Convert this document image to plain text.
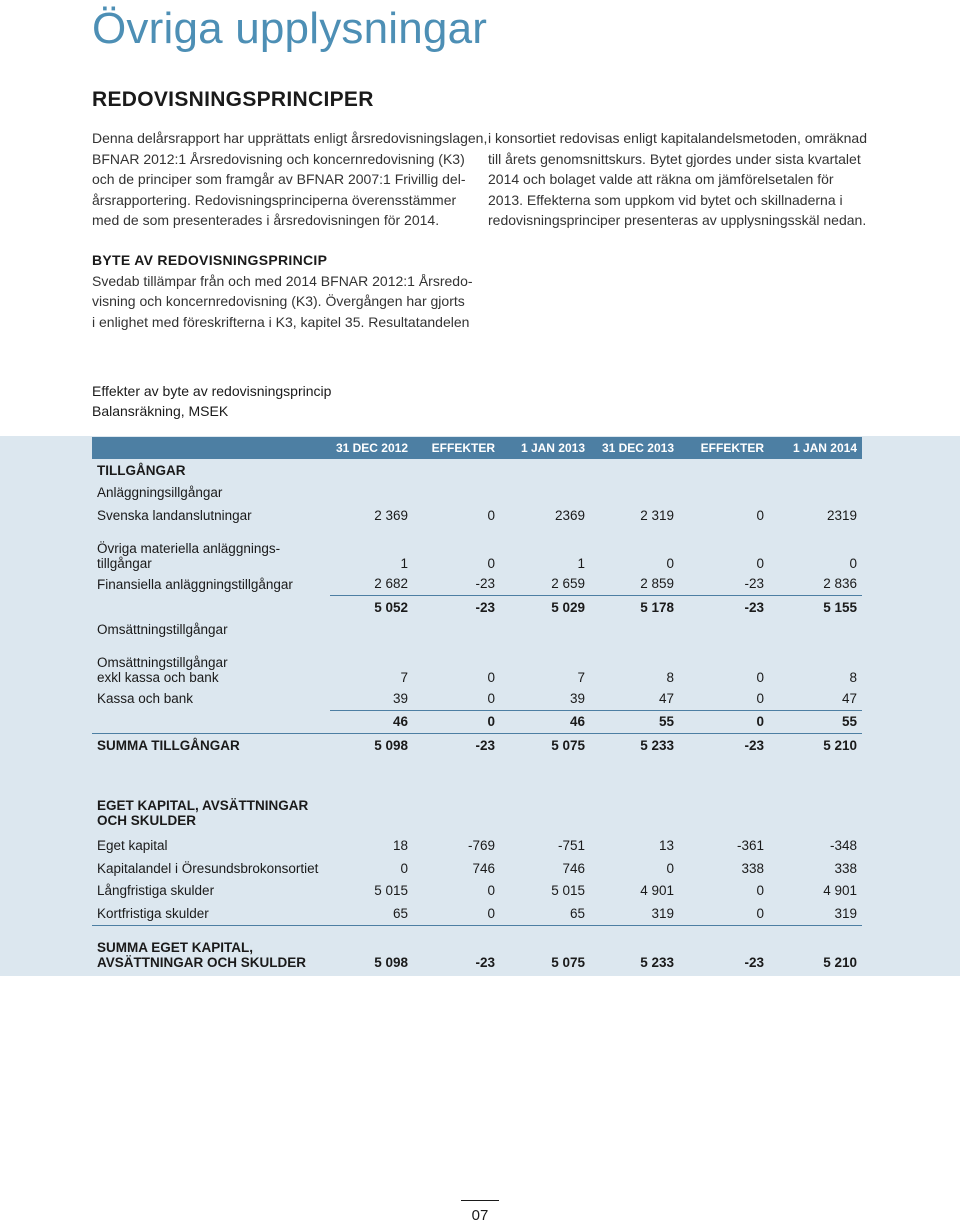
Övriga upplysningar
REDOVISNINGSPRINCIPER
Denna delårsrapport har upprättats enligt årsredovisningslagen,
BFNAR 2012:1 Årsredovisning och koncernredovisning (K3)
och de principer som framgår av BFNAR 2007:1 Frivillig del-
årsrapportering. Redovisningsprinciperna överensstämmer
med de som presenterades i årsredovisningen för 2014.
i konsortiet redovisas enligt kapitalandelsmetoden, omräknad
till årets genomsnittskurs. Bytet gjordes under sista kvartalet
2014 och bolaget valde att räkna om jämförelsetalen för
2013. Effekterna som uppkom vid bytet och skillnaderna i
redovisningsprinciper presenteras av upplysningsskäl nedan.
BYTE AV REDOVISNINGSPRINCIP
Svedab tillämpar från och med 2014 BFNAR 2012:1 Årsredo-
visning och koncernredovisning (K3). Övergången har gjorts
i enlighet med föreskrifterna i K3, kapitel 35. Resultatandelen
Effekter av byte av redovisningsprincip
Balansräkning, MSEK
	31 DEC 2012	EFFEKTER	1 JAN 2013	31 DEC 2013	EFFEKTER	1 JAN 2014
TILLGÅNGAR						
Anläggningsillgångar						
Svenska landanslutningar	2 369	0	2369	2 319	0	2319

Övriga materiella anläggnings-
tillgångar	1	0	1	0	0	0
Finansiella anläggningstillgångar	2 682	-23	2 659	2 859	-23	2 836
	5 052	-23	5 029	5 178	-23	5 155
Omsättningstillgångar						

Omsättningstillgångar
exkl kassa och bank	7	0	7	8	0	8
Kassa och bank	39	0	39	47	0	47
	46	0	46	55	0	55
SUMMA TILLGÅNGAR	5 098	-23	5 075	5 233	-23	5 210

EGET KAPITAL, AVSÄTTNINGAR
OCH SKULDER						

Eget kapital	18	-769	-751	13	-361	-348
Kapitalandel i Öresundsbrokonsortiet	0	746	746	0	338	338
Långfristiga skulder	5 015	0	5 015	4 901	0	4 901
Kortfristiga skulder	65	0	65	319	0	319

SUMMA EGET KAPITAL,
AVSÄTTNINGAR OCH SKULDER	5 098	-23	5 075	5 233	-23	5 210
07
